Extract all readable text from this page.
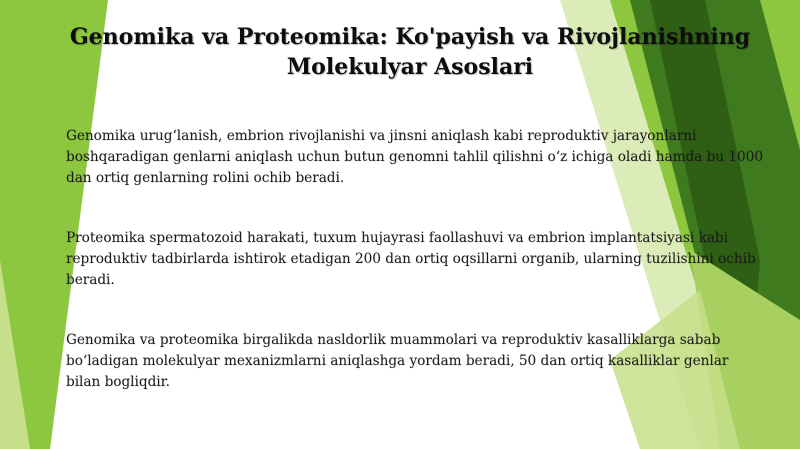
Genomika va Proteomika: Ko'payish va Rivojlanishning
Molekulyar Asoslari
Genomika urug‘lanish, embrion rivojlanishi va jinsni aniqlash kabi reproduktiv jarayonlarni boshqaradigan genlarni aniqlash uchun butun genomni tahlil qilishni o‘z ichiga oladi hamda bu 1000 dan ortiq genlarning rolini ochib beradi.
Proteomika spermatozoid harakati, tuxum hujayrasi faollashuvi va embrion implantatsiyasi kabi reproduktiv tadbirlarda ishtirok etadigan 200 dan ortiq oqsillarni organib, ularning tuzilishini ochib beradi.
Genomika va proteomika birgalikda nasldorlik muammolari va reproduktiv kasalliklarga sabab bo‘ladigan molekulyar mexanizmlarni aniqlashga yordam beradi, 50 dan ortiq kasalliklar genlar bilan bogliqdir.
